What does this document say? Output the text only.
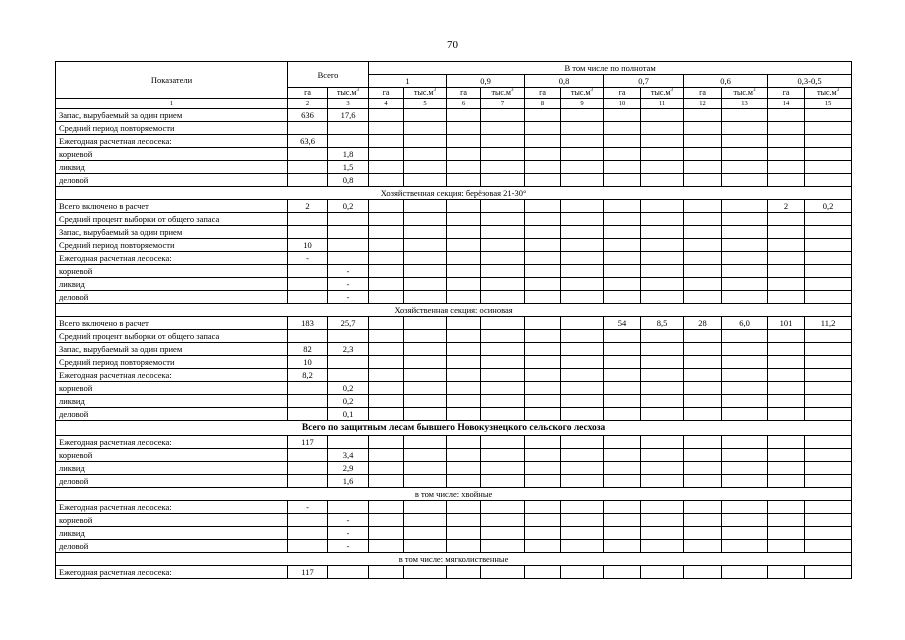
70
Показатели	Всего		В том числе по полнотам											
			1		0,9		0,8		0,7		0,6		0,3-0,5	
	га	$тыс.м^3$	га	$тыс.м^3$	га	$тыс.м^3$	га	$тыс.м^3$	га	$тыс.м^3$	га	$тыс.м^3$	га	$тыс.м^3$
1	2	3	4	5	6	7	8	9	10	11	12	13	14	15
Запас, вырубаемый за один прием	636	17,6												
Средний период повторяемости														
Ежегодная расчетная лесосека:	63,6													
корневой		1,8												
ликвид		1,5												
деловой		0,8												
Хозяйственная секция: берёзовая 21-30°														
Всего включено в расчет	2	0,2											2	0,2
Средний процент выборки от общего запаса														
Запас, вырубаемый за один прием														
Средний период повторяемости	10													
Ежегодная расчетная лесосека:	-													
корневой		-												
ликвид		-												
деловой		-												
Хозяйственная секция: осиновая														
Всего включено в расчет	183	25,7							54	8,5	28	6,0	101	11,2
Средний процент выборки от общего запаса														
Запас, вырубаемый за один прием	82	2,3												
Средний период повторяемости	10													
Ежегодная расчетная лесосека:	8,2													
корневой		0,2												
ликвид		0,2												
деловой		0,1												
Всего по защитным лесам бывшего Новокузнецкого сельского лесхоза														
Ежегодная расчетная лесосека:	117													
корневой		3,4												
ликвид		2,9												
деловой		1,6												
в том числе: хвойные														
Ежегодная расчетная лесосека:	-													
корневой		-												
ликвид		-												
деловой		-												
в том числе: мягколиственные														
Ежегодная расчетная лесосека:	117													
